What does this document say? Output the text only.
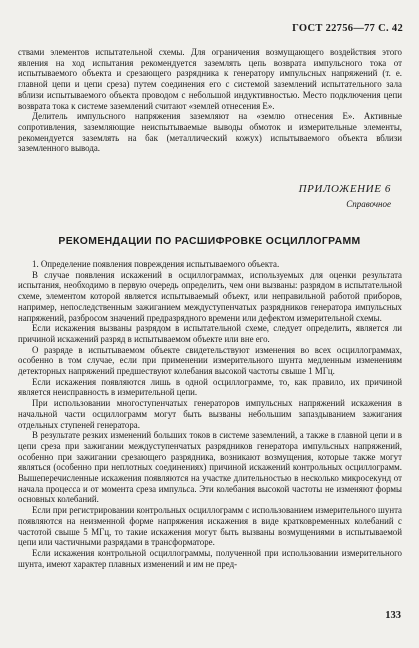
ГОСТ 22756—77 С. 42

ствами элементов испытательной схемы. Для ограничения возмущающего воздействия этого явления на ход испытания рекомендуется заземлять цепь возврата импульсного тока от испытываемого объекта и срезающего разрядника к генератору импульсных напряжений (т. е. главной цепи и цепи среза) путем соединения его с системой заземлений испытательного зала вблизи испытываемого объекта проводом с небольшой индуктивностью. Место подключения цепи возврата тока к системе заземлений считают «землей отнесения Е».

Делитель импульсного напряжения заземляют на «землю отнесения Е». Активные сопротивления, заземляющие неиспытываемые выводы обмоток и измерительные элементы, рекомендуется заземлять на бак (металлический кожух) испытываемого объекта вблизи заземленного вывода.

ПРИЛОЖЕНИЕ 6
Справочное
РЕКОМЕНДАЦИИ ПО РАСШИФРОВКЕ ОСЦИЛЛОГРАММ

1. Определение появления повреждения испытываемого объекта.

В случае появления искажений в осциллограммах, используемых для оценки результата испытания, необходимо в первую очередь определить, чем они вызваны: разрядом в испытательной схеме, элементом которой является испытываемый объект, или неправильной работой приборов, например, непоследственным зажиганием междуступенчатых разрядников генератора импульсных напряжений, разбросом значений предразрядного времени или дефектом измерительной схемы.

Если искажения вызваны разрядом в испытательной схеме, следует определить, является ли причиной искажений разряд в испытываемом объекте или вне его.

О разряде в испытываемом объекте свидетельствуют изменения во всех осциллограммах, особенно в том случае, если при применении измерительного шунта медленным изменениям детекторных напряжений предшествуют колебания высокой частоты свыше 1 МГц.

Если искажения появляются лишь в одной осциллограмме, то, как правило, их причиной является неисправность в измерительной цепи.

При использовании многоступенчатых генераторов импульсных напряжений искажения в начальной части осциллограмм могут быть вызваны небольшим запаздыванием зажигания отдельных ступеней генератора.

В результате резких изменений больших токов в системе заземлений, а также в главной цепи и в цепи среза при зажигании междуступенчатых разрядников генератора импульсных напряжений, особенно при зажигании срезающего разрядника, возникают возмущения, которые также могут являться (особенно при неплотных соединениях) причиной искажений контрольных осциллограмм. Вышеперечисленные искажения появляются на участке длительностью в несколько микросекунд от начала процесса и от момента среза импульса. Эти колебания высокой частоты не изменяют формы основных колебаний.

Если при регистрировании контрольных осциллограмм с использованием измерительного шунта появляются на неизменной форме напряжения искажения в виде кратковременных колебаний с частотой свыше 5 МГц, то такие искажения могут быть вызваны возмущениями в испытываемой цепи или частичными разрядами в трансформаторе.

Если искажения контрольной осциллограммы, полученной при использовании измерительного шунта, имеют характер плавных изменений и им не пред-

133
